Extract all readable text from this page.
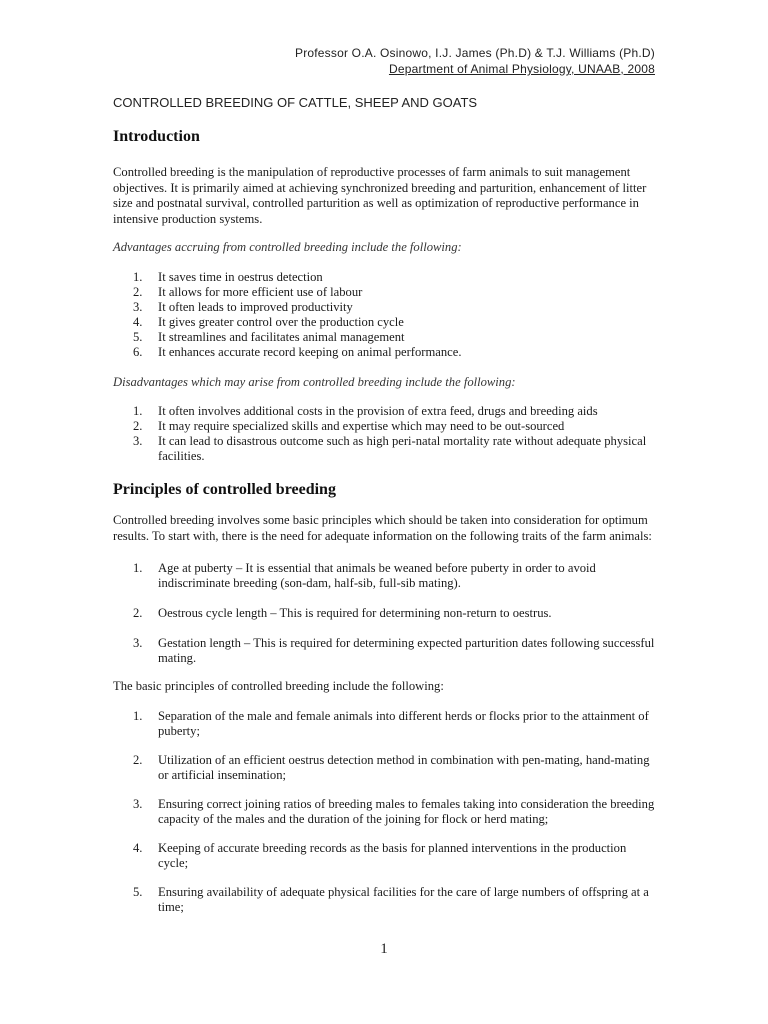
Professor O.A. Osinowo, I.J. James (Ph.D) & T.J. Williams (Ph.D)
Department of Animal Physiology, UNAAB, 2008
CONTROLLED BREEDING OF CATTLE, SHEEP AND GOATS
Introduction
Controlled breeding is the manipulation of reproductive processes of farm animals to suit management objectives. It is primarily aimed at achieving synchronized breeding and parturition, enhancement of litter size and postnatal survival, controlled parturition as well as optimization of reproductive performance in intensive production systems.
Advantages accruing from controlled breeding include the following:
1. It saves time in oestrus detection
2. It allows for more efficient use of labour
3. It often leads to improved productivity
4. It gives greater control over the production cycle
5. It streamlines and facilitates animal management
6. It enhances accurate record keeping on animal performance.
Disadvantages which may arise from controlled breeding include the following:
1. It often involves additional costs in the provision of extra feed, drugs and breeding aids
2. It may require specialized skills and expertise which may need to be out-sourced
3. It can lead to disastrous outcome such as high peri-natal mortality rate without adequate physical facilities.
Principles of controlled breeding
Controlled breeding involves some basic principles which should be taken into consideration for optimum results. To start with, there is the need for adequate information on the following traits of the farm animals:
1. Age at puberty – It is essential that animals be weaned before puberty in order to avoid indiscriminate breeding (son-dam, half-sib, full-sib mating).
2. Oestrous cycle length – This is required for determining non-return to oestrus.
3. Gestation length – This is required for determining expected parturition dates following successful mating.
The basic principles of controlled breeding include the following:
1. Separation of the male and female animals into different herds or flocks prior to the attainment of puberty;
2. Utilization of an efficient oestrus detection method in combination with pen-mating, hand-mating or artificial insemination;
3. Ensuring correct joining ratios of breeding males to females taking into consideration the breeding capacity of the males and the duration of the joining for flock or herd mating;
4. Keeping of accurate breeding records as the basis for planned interventions in the production cycle;
5. Ensuring availability of adequate physical facilities for the care of large numbers of offspring at a time;
1
